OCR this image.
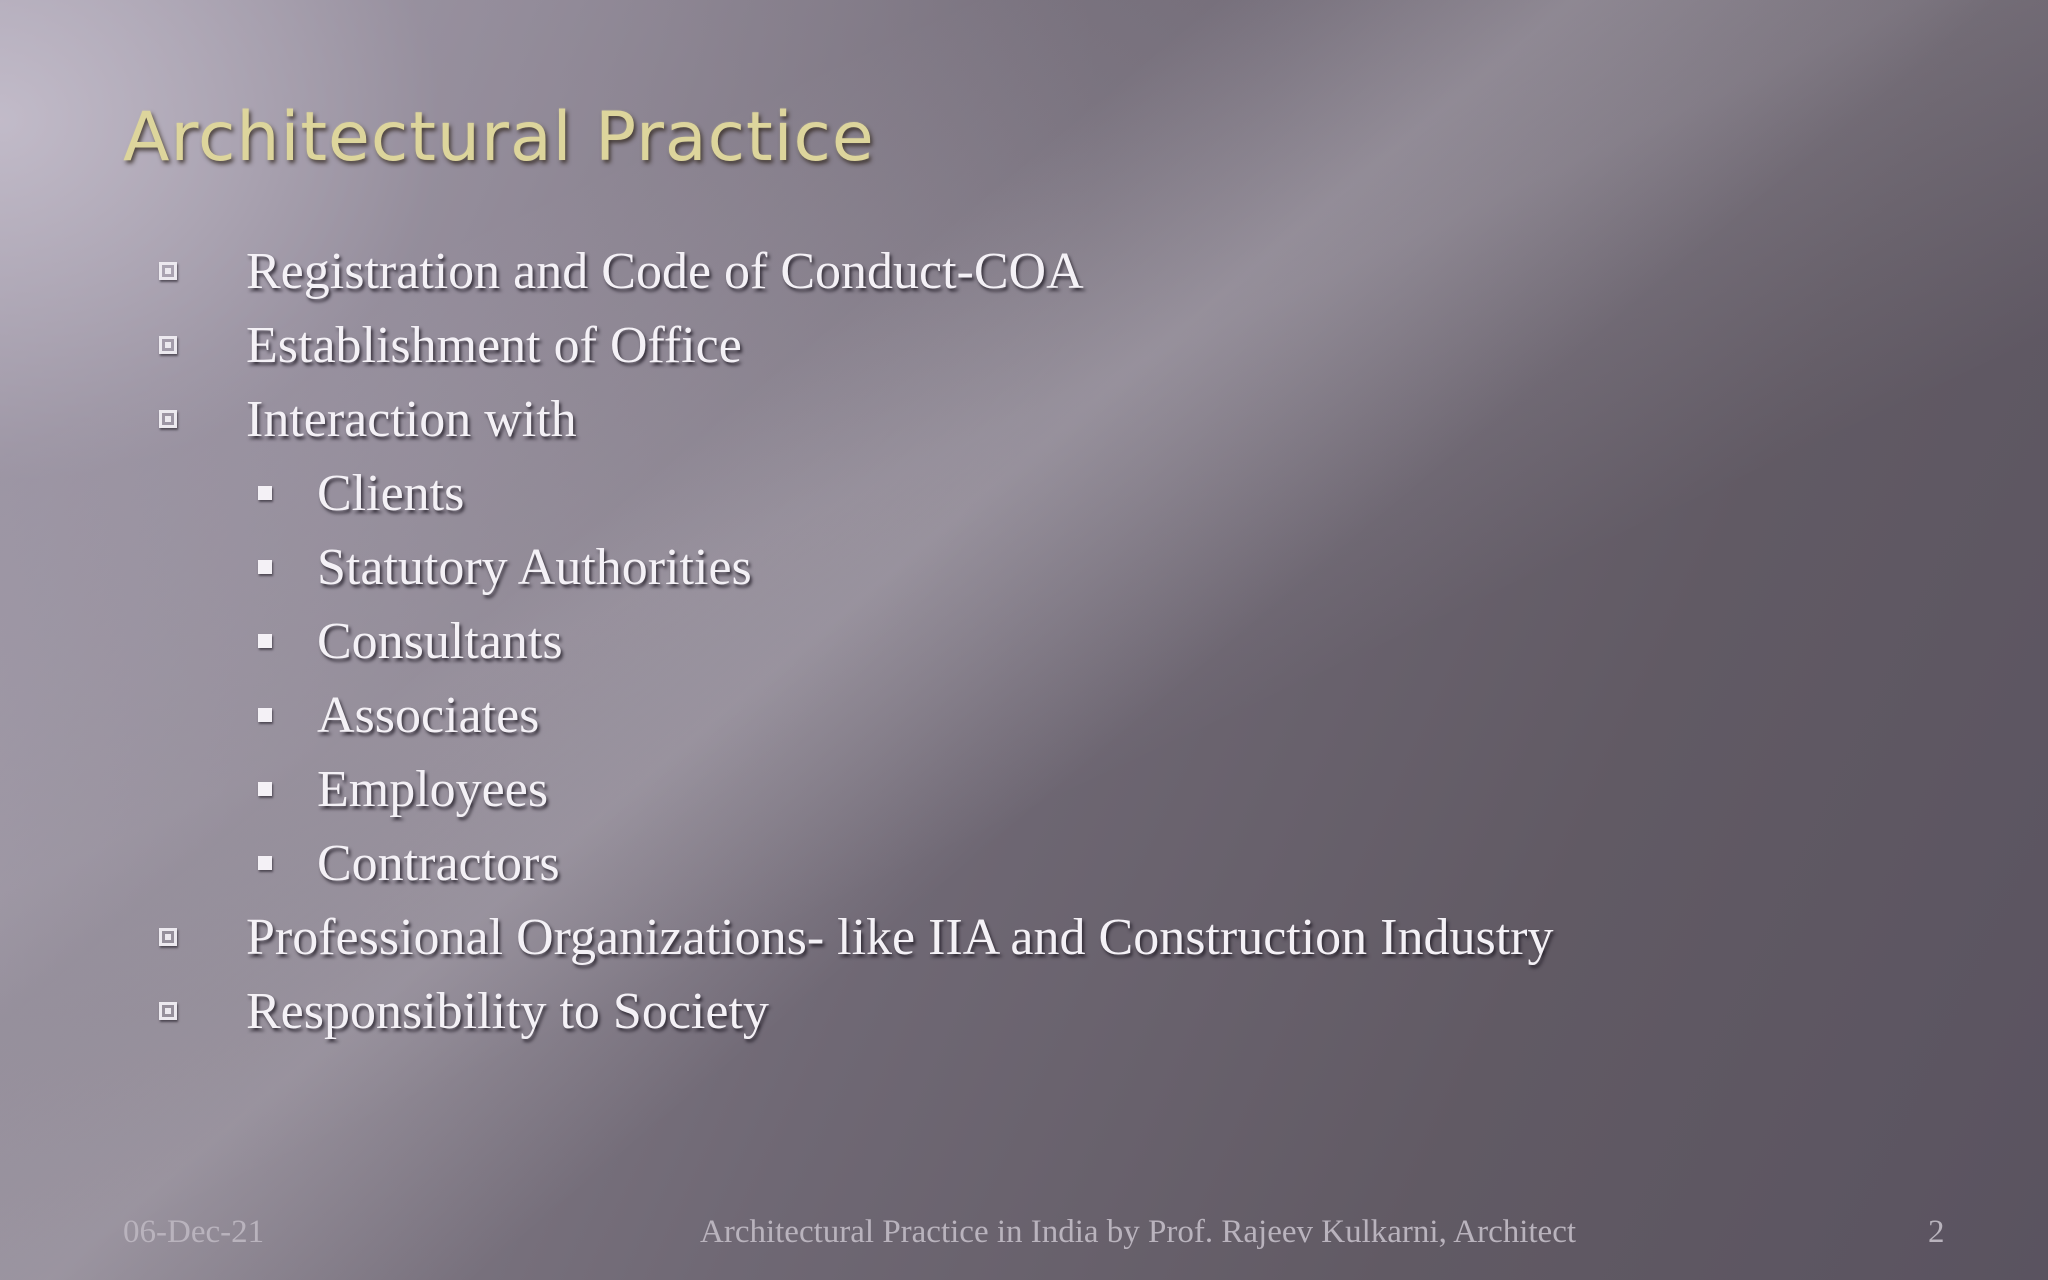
Architectural Practice
Registration and Code of Conduct-COA
Establishment of Office
Interaction with
Clients
Statutory Authorities
Consultants
Associates
Employees
Contractors
Professional Organizations- like IIA and Construction Industry
Responsibility to Society
06-Dec-21	Architectural Practice in India by Prof. Rajeev Kulkarni, Architect	2
